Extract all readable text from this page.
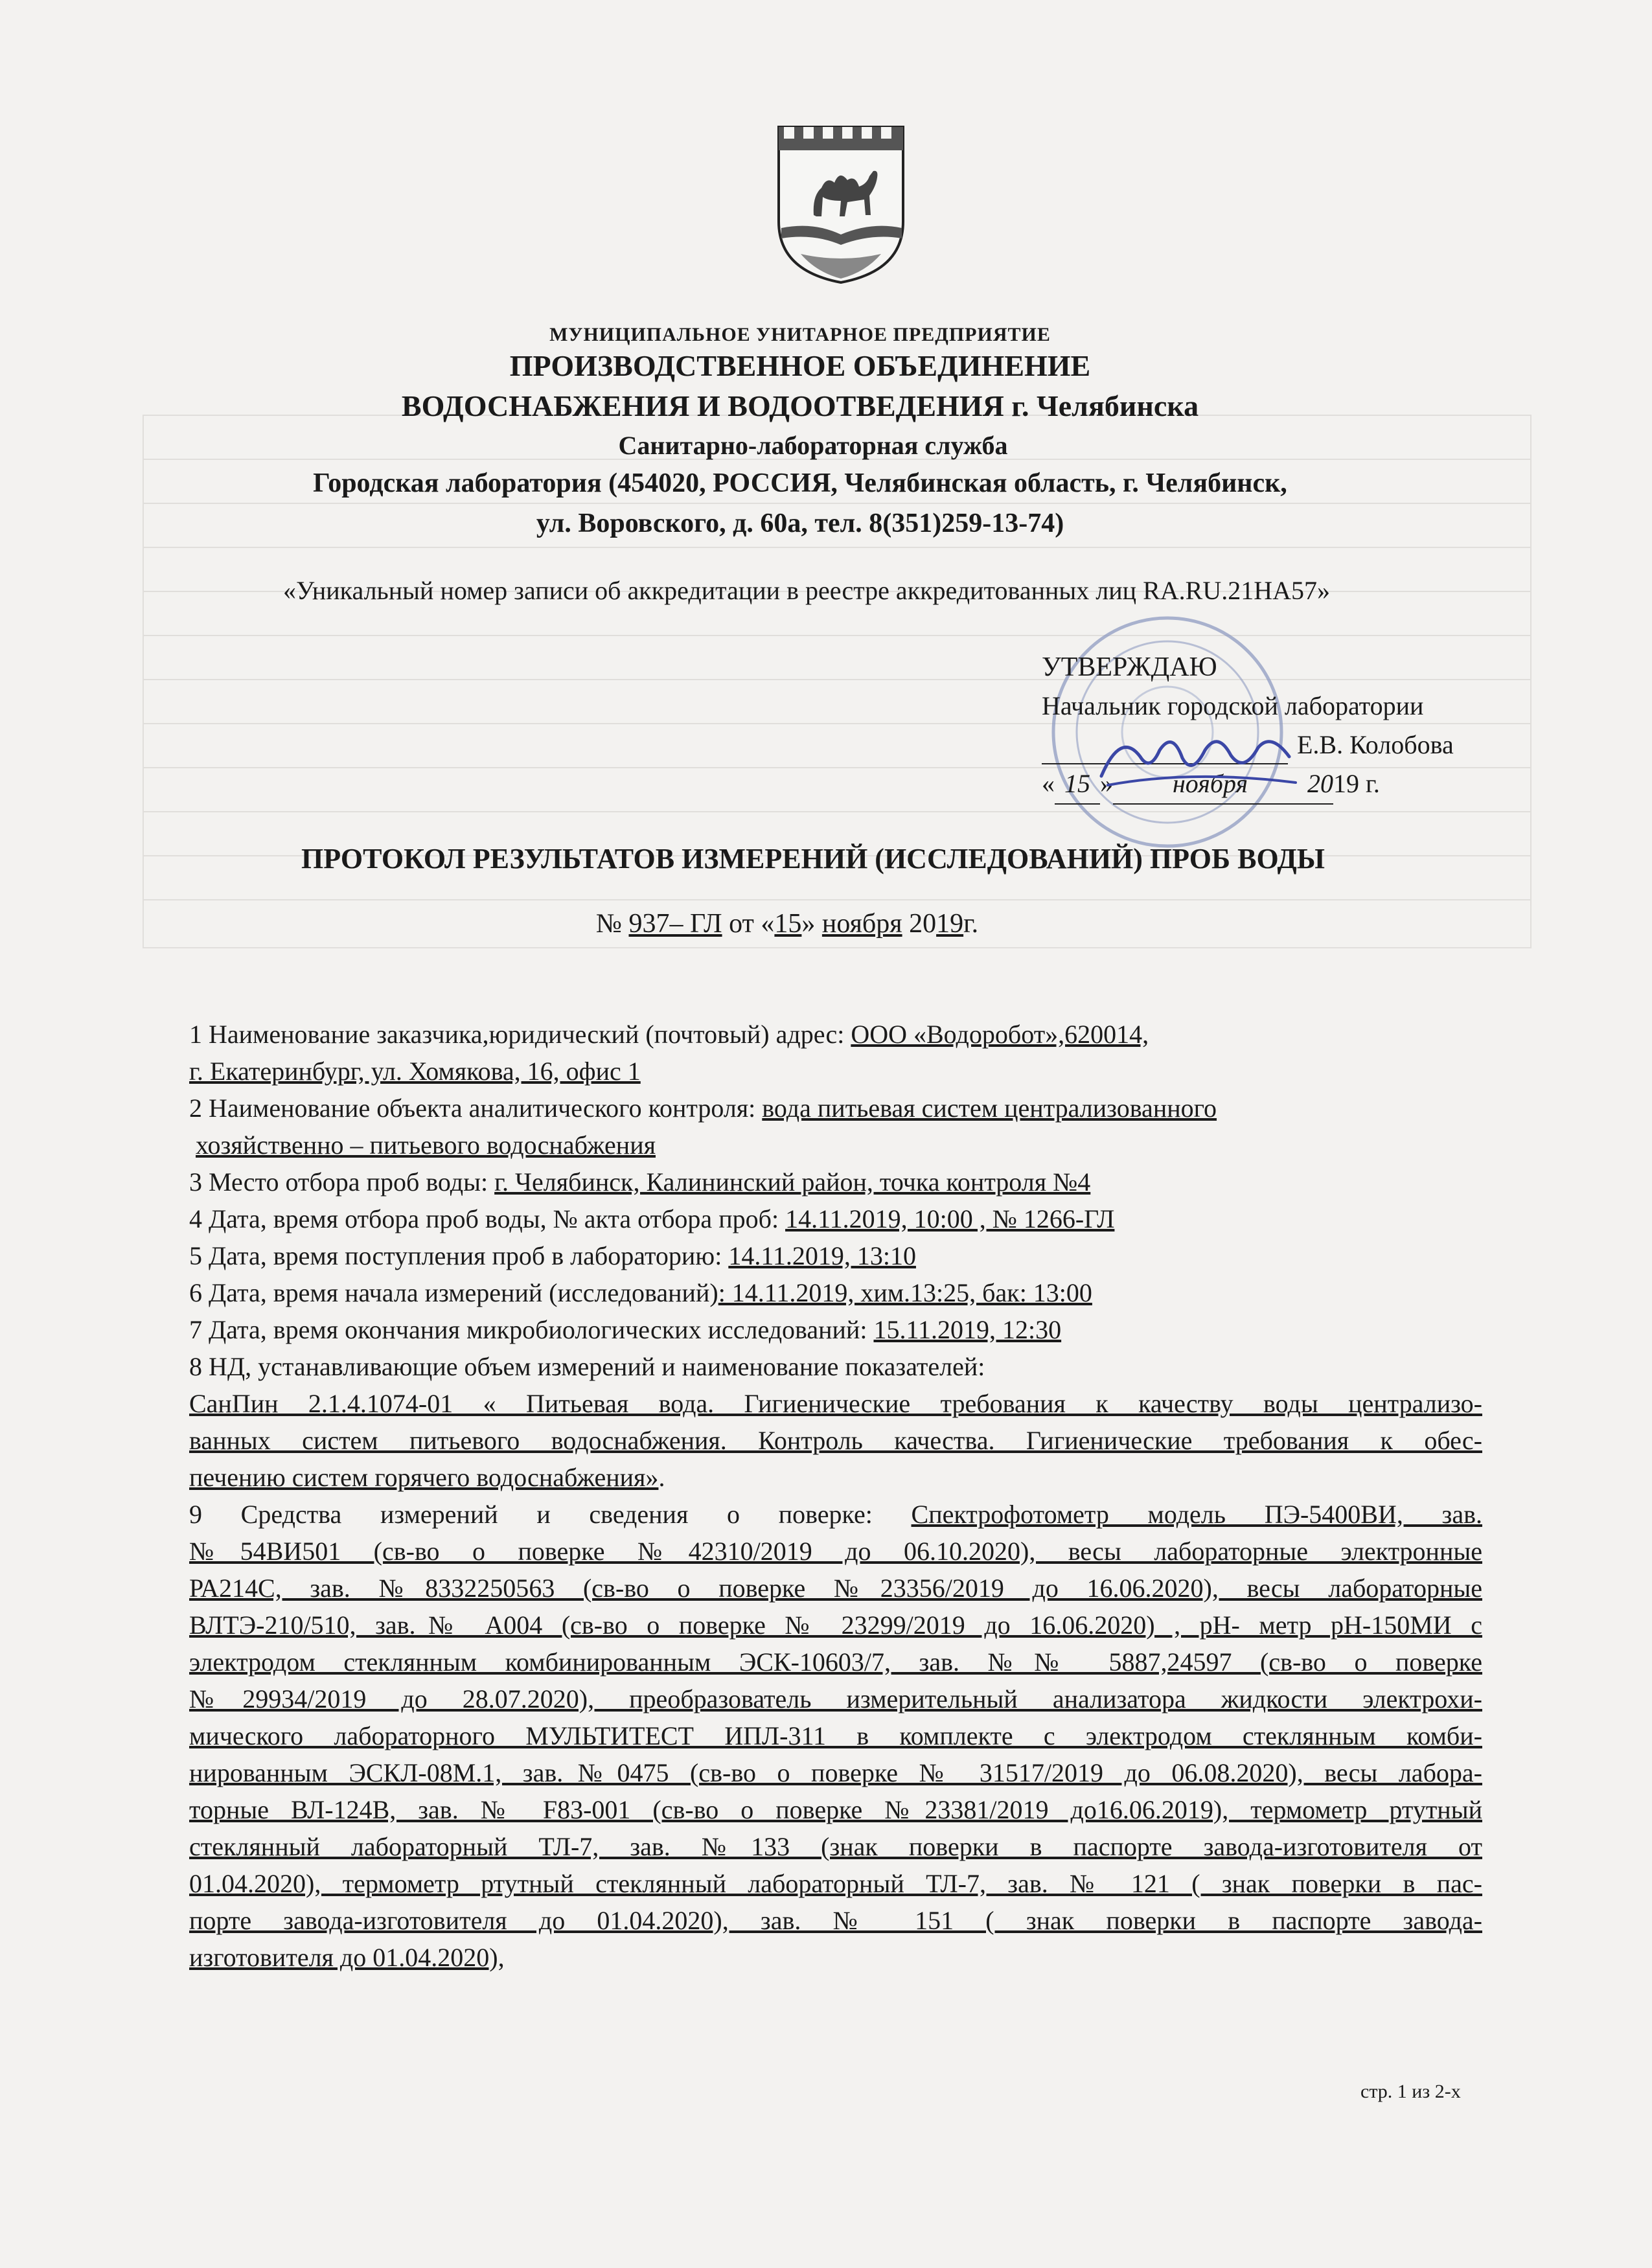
МУНИЦИПАЛЬНОЕ УНИТАРНОЕ ПРЕДПРИЯТИЕ
ПРОИЗВОДСТВЕННОЕ ОБЪЕДИНЕНИЕ
ВОДОСНАБЖЕНИЯ И ВОДООТВЕДЕНИЯ г. Челябинска
Санитарно-лабораторная служба
Городская лаборатория (454020, РОССИЯ, Челябинская область, г. Челябинск,
ул. Воровского, д. 60а, тел. 8(351)259-13-74)
«Уникальный номер записи об аккредитации в реестре аккредитованных лиц RA.RU.21НА57»
УТВЕРЖДАЮ
Начальник городской лаборатории
Е.В. Колобова
« 15 » ноября 2019 г.
ПРОТОКОЛ РЕЗУЛЬТАТОВ ИЗМЕРЕНИЙ (ИССЛЕДОВАНИЙ) ПРОБ ВОДЫ
№ 937– ГЛ от «15» ноября 2019г.
1 Наименование заказчика,юридический (почтовый) адрес: ООО «Водоробот»,620014,
г. Екатеринбург, ул. Хомякова, 16, офис 1
2 Наименование объекта аналитического контроля: вода питьевая систем централизованного
хозяйственно – питьевого водоснабжения
3 Место отбора проб воды: г. Челябинск, Калининский район, точка контроля №4
4 Дата, время отбора проб воды, № акта отбора проб: 14.11.2019, 10:00 , № 1266-ГЛ
5 Дата, время поступления проб в лабораторию: 14.11.2019, 13:10
6 Дата, время начала измерений (исследований): 14.11.2019, хим.13:25, бак: 13:00
7 Дата, время окончания микробиологических исследований: 15.11.2019, 12:30
8 НД, устанавливающие объем измерений и наименование показателей:
СанПин 2.1.4.1074-01 « Питьевая вода. Гигиенические требования к качеству воды централизо-
ванных систем питьевого водоснабжения. Контроль качества. Гигиенические требования к обес-
печению систем горячего водоснабжения».
9 Средства измерений и сведения о поверке: Спектрофотометр модель ПЭ-5400ВИ, зав.
№54ВИ501 (св-во о поверке №42310/2019 до 06.10.2020), весы лабораторные электронные
РА214С, зав. №8332250563 (св-во о поверке №23356/2019 до 16.06.2020), весы лабораторные
ВЛТЭ-210/510, зав.№ А004 (св-во о поверке № 23299/2019 до 16.06.2020) , рН- метр рН-150МИ с
электродом стеклянным комбинированным ЭСК-10603/7, зав. №№ 5887,24597 (св-во о поверке
№29934/2019 до 28.07.2020), преобразователь измерительный анализатора жидкости электрохи-
мического лабораторного МУЛЬТИТЕСТ ИПЛ-311 в комплекте с электродом стеклянным комби-
нированным ЭСКЛ-08М.1, зав.№0475 (св-во о поверке № 31517/2019 до 06.08.2020), весы лабора-
торные ВЛ-124В, зав. № F83-001 (св-во о поверке №23381/2019 до16.06.2019), термометр ртутный
стеклянный лабораторный ТЛ-7, зав. №133 (знак поверки в паспорте завода-изготовителя от
01.04.2020), термометр ртутный стеклянный лабораторный ТЛ-7, зав. № 121 ( знак поверки в пас-
порте завода-изготовителя до 01.04.2020), зав. № 151 ( знак поверки в паспорте завода-
изготовителя до 01.04.2020),
стр. 1 из 2-х
